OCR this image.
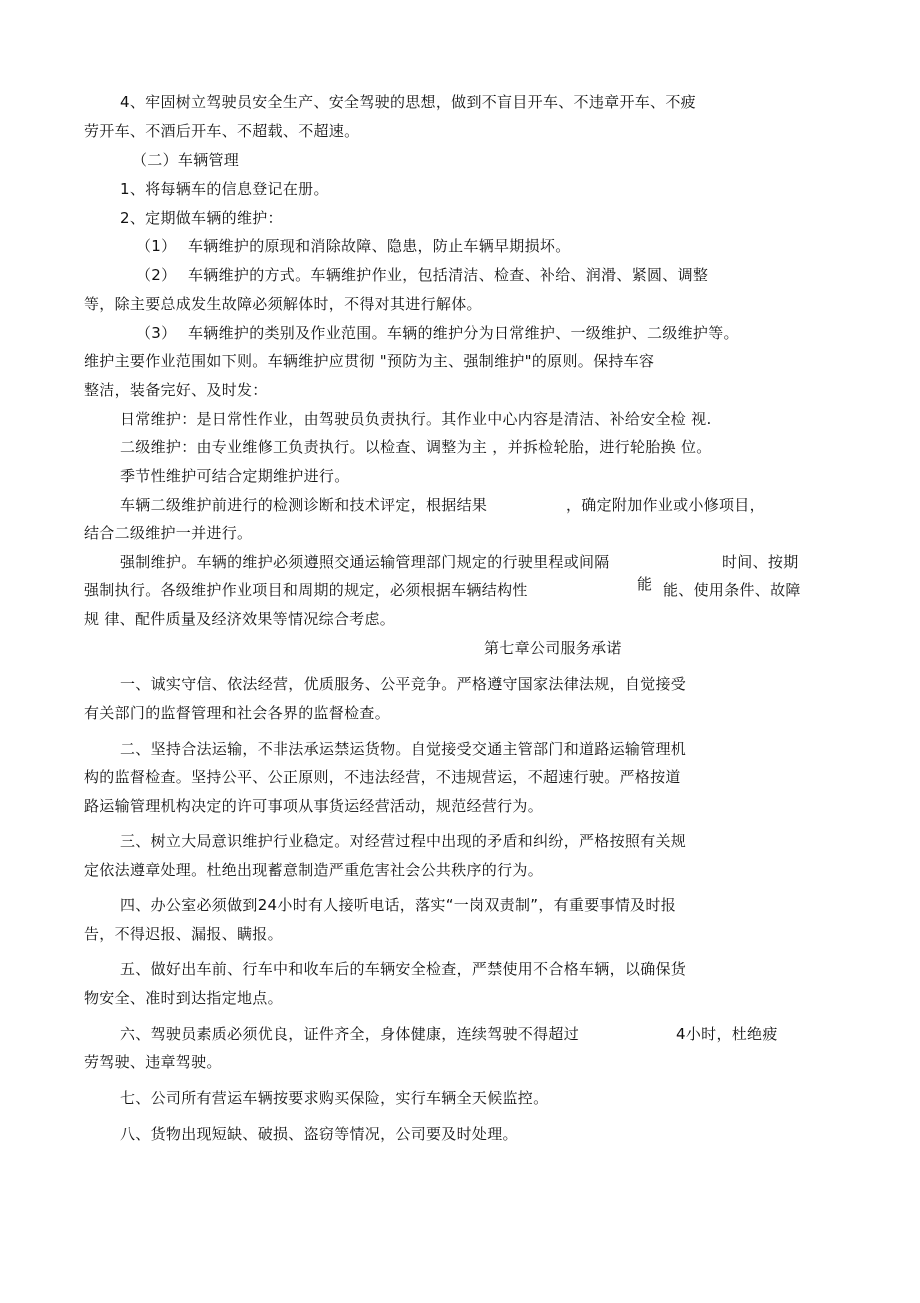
4、牢固树立驾驶员安全生产、安全驾驶的思想，做到不盲目开车、不违章开车、不疲

劳开车、不酒后开车、不超载、不超速。

（二）车辆管理

1、将每辆车的信息登记在册。

2、定期做车辆的维护：

（1） 车辆维护的原现和消除故障、隐患，防止车辆早期损坏。

（2） 车辆维护的方式。车辆维护作业，包括清洁、检查、补给、润滑、紧圆、调整

等，除主要总成发生故障必须解体时，不得对其进行解体。

（3） 车辆维护的类别及作业范围。车辆的维护分为日常维护、一级维护、二级维护等。

维护主要作业范围如下则。车辆维护应贯彻 "预防为主、强制维护"的原则。保持车容

整洁，装备完好、及时发：

日常维护：是日常性作业，由驾驶员负责执行。其作业中心内容是清洁、补给安全检 视.

二级维护：由专业维修工负责执行。以检查、调整为主 ，并拆检轮胎，进行轮胎换 位。

季节性维护可结合定期维护进行。

车辆二级维护前进行的检测诊断和技术评定，根据结果	，确定附加作业或小修项目，

结合二级维护一并进行。

强制维护。车辆的维护必须遵照交通运输管理部门规定的行驶里程或间隔	时间、按期

强制执行。各级维护作业项目和周期的规定，必须根据车辆结构性	能 能、使用条件、故障

规 律、配件质量及经济效果等情况综合考虑。

第七章公司服务承诺

一、诚实守信、依法经营，优质服务、公平竞争。严格遵守国家法律法规，自觉接受

有关部门的监督管理和社会各界的监督检查。

二、坚持合法运输，不非法承运禁运货物。自觉接受交通主管部门和道路运输管理机

构的监督检查。坚持公平、公正原则，不违法经营，不违规营运，不超速行驶。严格按道

路运输管理机构决定的许可事项从事货运经营活动，规范经营行为。

三、树立大局意识维护行业稳定。对经营过程中出现的矛盾和纠纷，严格按照有关规

定依法遵章处理。杜绝出现蓄意制造严重危害社会公共秩序的行为。

四、办公室必须做到24小时有人接听电话，落实“一岗双责制”，有重要事情及时报

告，不得迟报、漏报、瞒报。

五、做好出车前、行车中和收车后的车辆安全检查，严禁使用不合格车辆，以确保货

物安全、准时到达指定地点。

六、驾驶员素质必须优良，证件齐全，身体健康，连续驾驶不得超过	4小时，杜绝疲

劳驾驶、违章驾驶。

七、公司所有营运车辆按要求购买保险，实行车辆全天候监控。

八、货物出现短缺、破损、盗窃等情况，公司要及时处理。
